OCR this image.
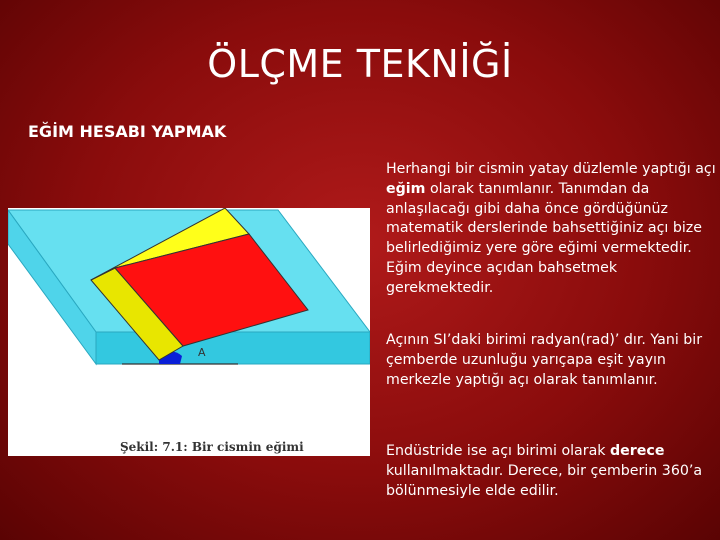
ÖLÇME TEKNİĞİ
EĞİM HESABI YAPMAK
A
Şekil: 7.1: Bir cismin eğimi

Herhangi bir cismin yatay düzlemle yaptığı açı eğim olarak tanımlanır. Tanımdan da anlaşılacağı gibi daha önce gördüğünüz matematik derslerinde bahsettiğiniz açı bize belirlediğimiz yere göre eğimi vermektedir. Eğim deyince açıdan bahsetmek gerekmektedir.

Açının SI’daki birimi radyan(rad)’ dır. Yani bir çemberde uzunluğu yarıçapa eşit yayın merkezle yaptığı açı olarak tanımlanır.

Endüstride ise açı birimi olarak derece kullanılmaktadır. Derece, bir çemberin 360’a bölünmesiyle elde edilir.
